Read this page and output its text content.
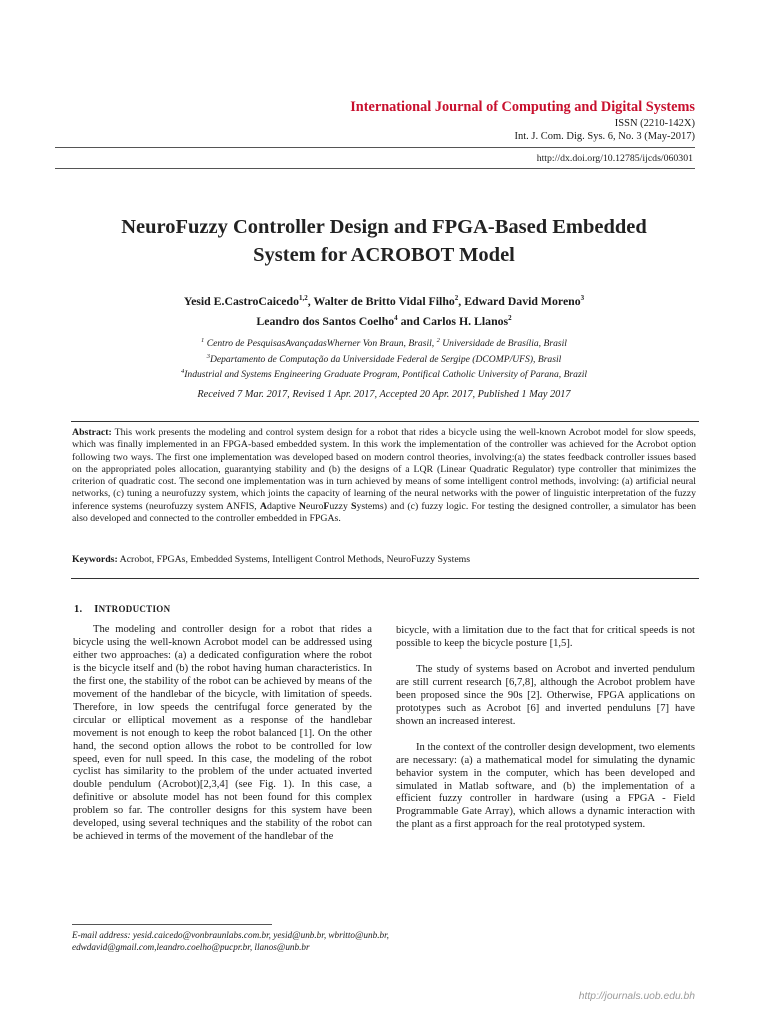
International Journal of Computing and Digital Systems
ISSN (2210-142X)
Int. J. Com. Dig. Sys. 6, No. 3 (May-2017)
http://dx.doi.org/10.12785/ijcds/060301
NeuroFuzzy Controller Design and FPGA-Based Embedded
System for ACROBOT Model
Yesid E.CastroCaicedo$^{1,2}$, Walter de Britto Vidal Filho$^2$, Edward David Moreno$^3$
Leandro dos Santos Coelho$^4$ and Carlos H. Llanos$^2$
$^1$ Centro de PesquisasAvançadasWherner Von Braun, Brasil, $^2$ Universidade de Brasília, Brasil
$^3$Departamento de Computação da Universidade Federal de Sergipe (DCOMP/UFS), Brasil
$^4$Industrial and Systems Engineering Graduate Program, Pontifical Catholic University of Parana, Brazil
Received 7 Mar. 2017, Revised 1 Apr. 2017, Accepted 20 Apr. 2017, Published 1 May 2017
Abstract: This work presents the modeling and control system design for a robot that rides a bicycle using the well-known Acrobot model for slow speeds, which was finally implemented in an FPGA-based embedded system. In this work the implementation of the controller was achieved for the Acrobot option following two ways. The first one implementation was developed based on modern control theories, involving:(a) the states feedback controller issues based on the appropriated poles allocation, guarantying stability and (b) the designs of a LQR (Linear Quadratic Regulator) type controller that minimizes the criterion of quadratic cost. The second one implementation was in turn achieved by means of some intelligent control methods, involving: (a) artificial neural networks, (c) tuning a neurofuzzy system, which joints the capacity of learning of the neural networks with the power of linguistic interpretation of the fuzzy inference systems (neurofuzzy system ANFIS, Adaptive NeuroFuzzy Systems) and (c) fuzzy logic. For testing the designed controller, a simulator has been also developed and connected to the controller embedded in FPGAs.
Keywords: Acrobot, FPGAs, Embedded Systems, Intelligent Control Methods, NeuroFuzzy Systems
1. INTRODUCTION

The modeling and controller design for a robot that rides a bicycle using the well-known Acrobot model can be addressed using either two approaches: (a) a dedicated configuration where the robot is the bicycle itself and (b) the robot having human characteristics. In the first one, the stability of the robot can be achieved by means of the movement of the handlebar of the bicycle, with limitation of speeds. Therefore, in low speeds the centrifugal force generated by the circular or elliptical movement as a response of the handlebar movement is not enough to keep the robot balanced [1]. On the other hand, the second option allows the robot to be controlled for low speed, even for null speed. In this case, the modeling of the robot cyclist has similarity to the problem of the under actuated inverted double pendulum (Acrobot)[2,3,4] (see Fig. 1). In this case, a definitive or absolute model has not been found for this complex problem so far. The controller designs for this system have been developed, using several techniques and the stability of the robot can be achieved in terms of the movement of the handlebar of the

bicycle, with a limitation due to the fact that for critical speeds is not possible to keep the bicycle posture [1,5].

The study of systems based on Acrobot and inverted pendulum are still current research [6,7,8], although the Acrobot problem have been proposed since the 90s [2]. Otherwise, FPGA applications on prototypes such as Acrobot [6] and inverted penduluns [7] have shown an increased interest.

In the context of the controller design development, two elements are necessary: (a) a mathematical model for simulating the dynamic behavior system in the computer, which has been developed and simulated in Matlab software, and (b) the implementation of a efficient fuzzy controller in hardware (using a FPGA - Field Programmable Gate Array), which allows a dynamic interaction with the plant as a first approach for the real prototyped system.

E-mail address: yesid.caicedo@vonbraunlabs.com.br, yesid@unb.br, wbritto@unb.br,
edwdavid@gmail.com,leandro.coelho@pucpr.br, llanos@unb.br
http://journals.uob.edu.bh
